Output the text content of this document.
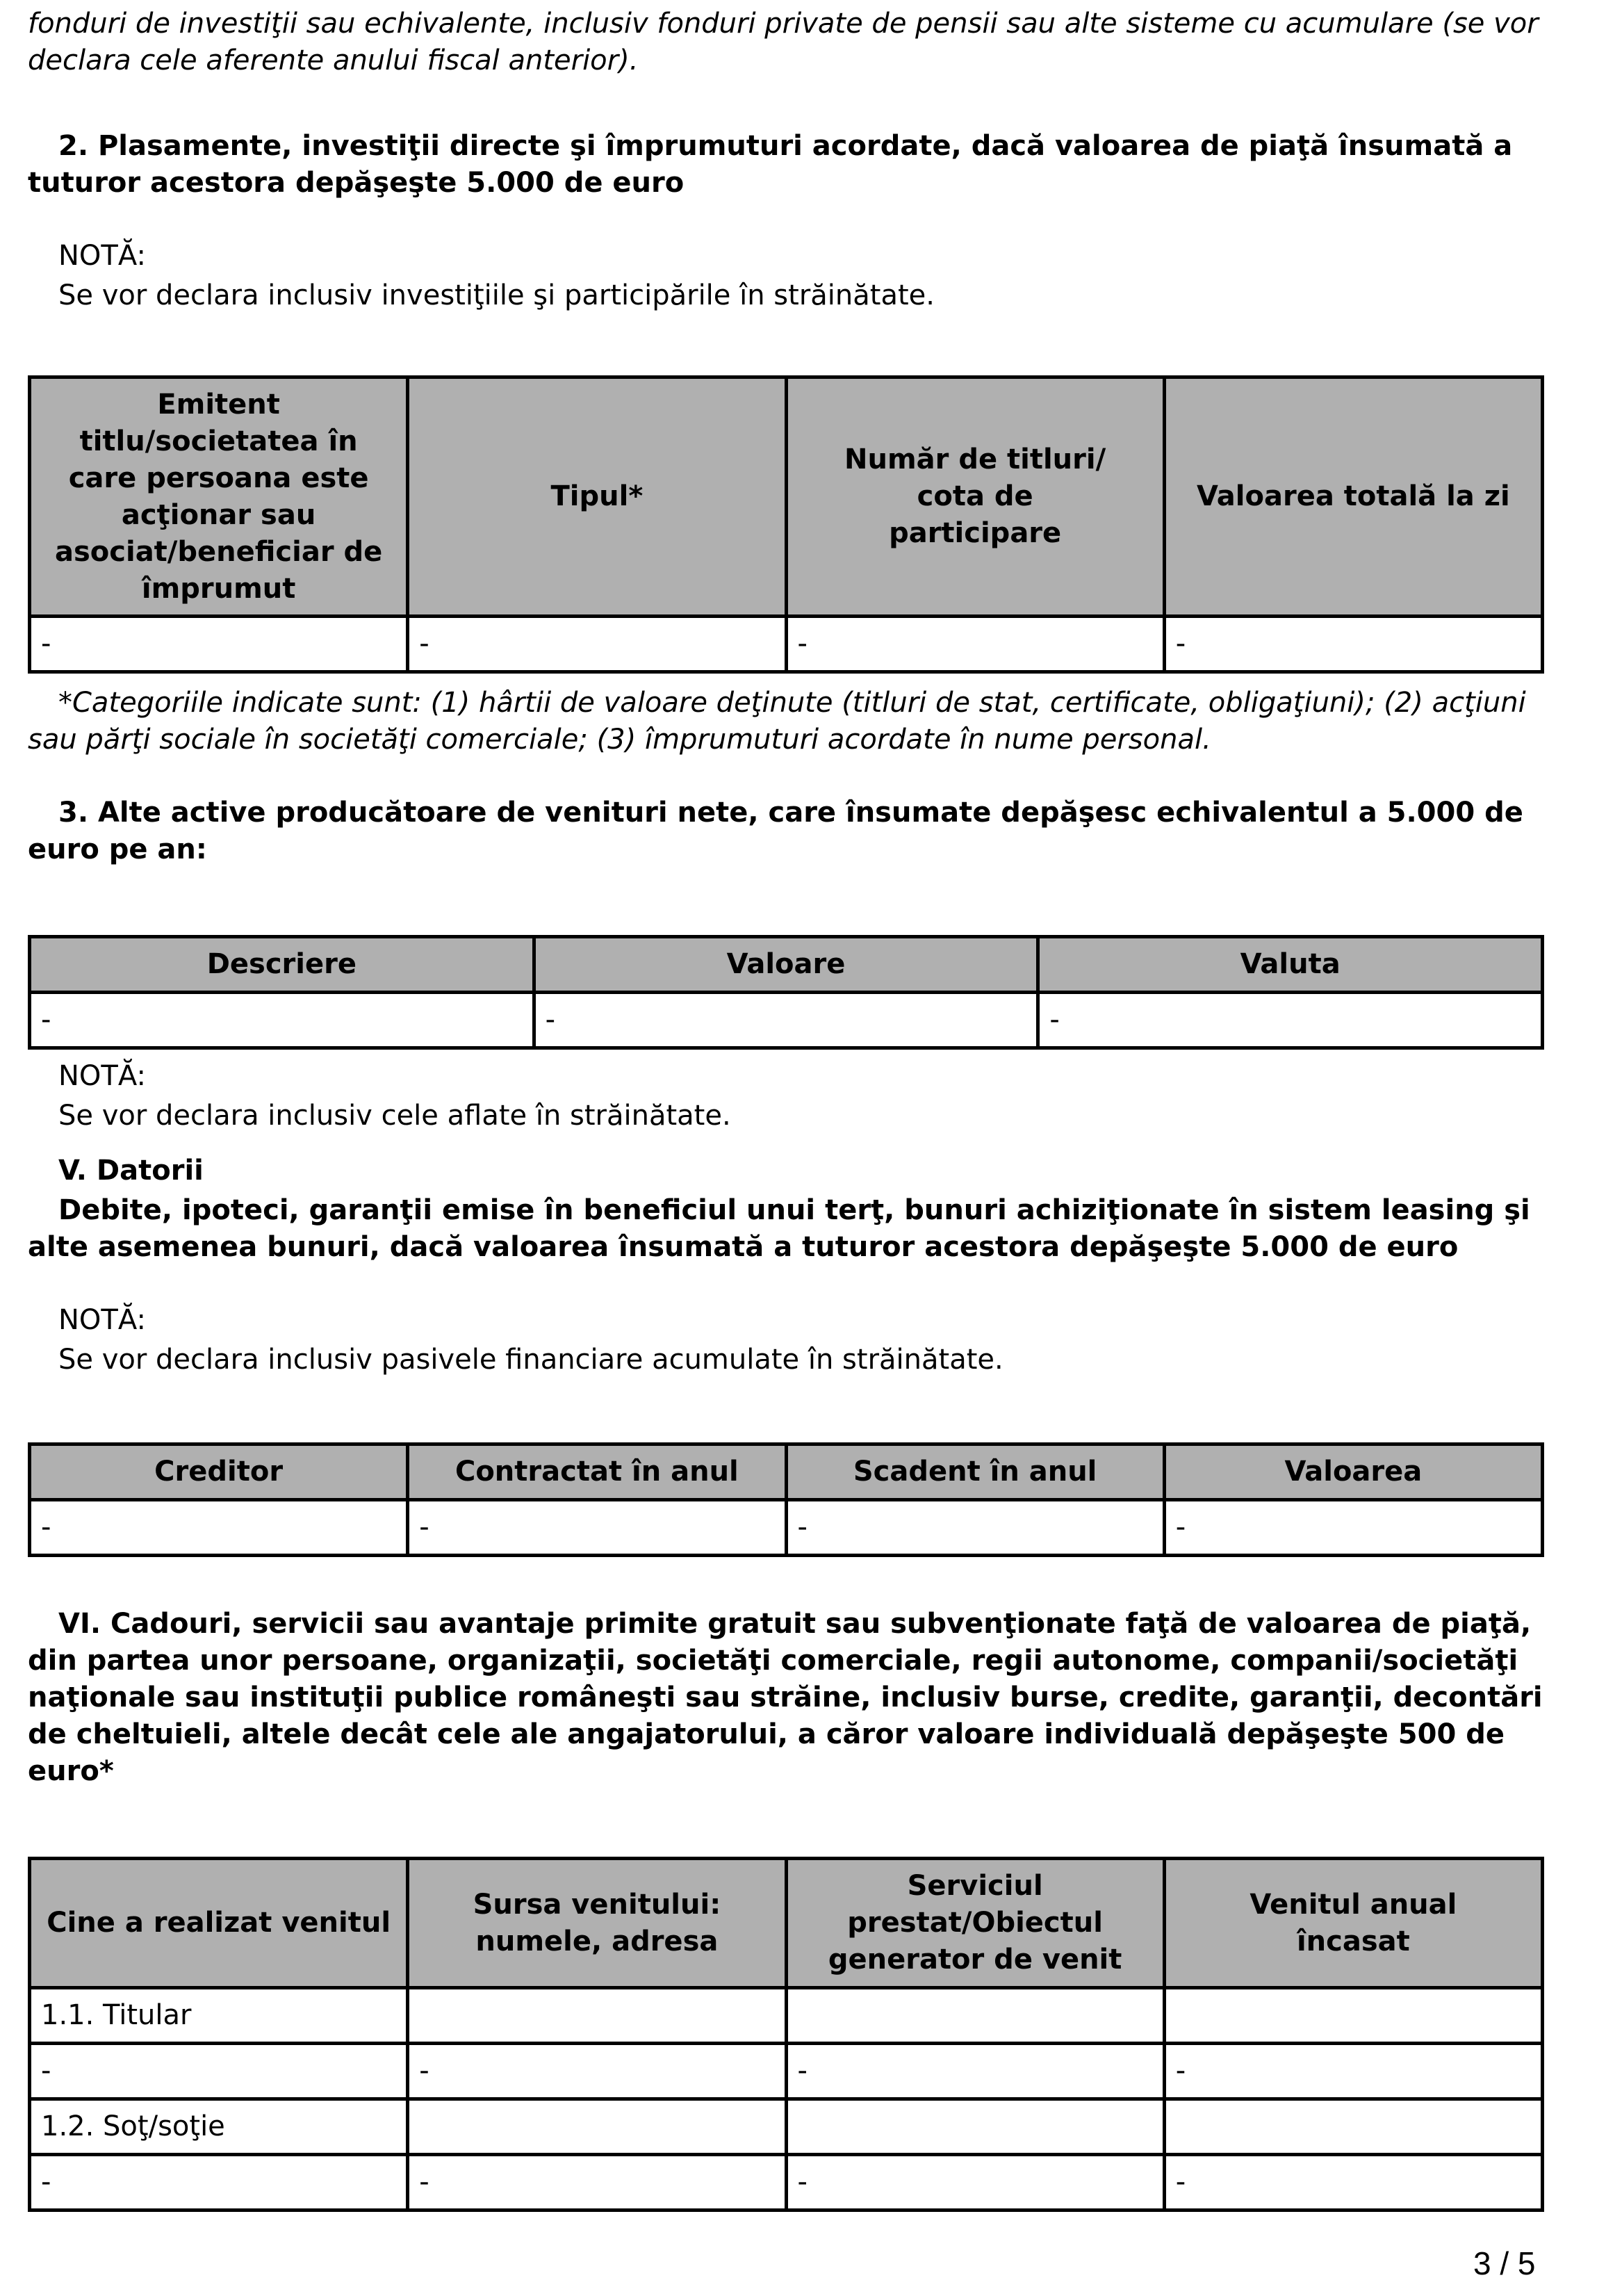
fonduri de investiţii sau echivalente, inclusiv fonduri private de pensii sau alte sisteme cu acumulare (se vor declara cele aferente anului fiscal anterior).

2. Plasamente, investiţii directe şi împrumuturi acordate, dacă valoarea de piaţă însumată a tuturor acestora depăşeşte 5.000 de euro

NOTĂ:

Se vor declara inclusiv investiţiile şi participările în străinătate.

Emitent titlu/societatea în care persoana este acţionar sau asociat/beneficiar de împrumut	Tipul*	Număr de titluri/ cota de participare	Valoarea totală la zi
-	-	-	-

*Categoriile indicate sunt: (1) hârtii de valoare deţinute (titluri de stat, certificate, obligaţiuni); (2) acţiuni sau părţi sociale în societăţi comerciale; (3) împrumuturi acordate în nume personal.

3. Alte active producătoare de venituri nete, care însumate depăşesc echivalentul a 5.000 de euro pe an:

Descriere	Valoare	Valuta
-	-	-

NOTĂ:

Se vor declara inclusiv cele aflate în străinătate.

V. Datorii

Debite, ipoteci, garanţii emise în beneficiul unui terţ, bunuri achiziţionate în sistem leasing şi alte asemenea bunuri, dacă valoarea însumată a tuturor acestora depăşeşte 5.000 de euro

NOTĂ:

Se vor declara inclusiv pasivele financiare acumulate în străinătate.

Creditor	Contractat în anul	Scadent în anul	Valoarea
-	-	-	-

VI. Cadouri, servicii sau avantaje primite gratuit sau subvenţionate faţă de valoarea de piaţă, din partea unor persoane, organizaţii, societăţi comerciale, regii autonome, companii/societăţi naţionale sau instituţii publice româneşti sau străine, inclusiv burse, credite, garanţii, decontări de cheltuieli, altele decât cele ale angajatorului, a căror valoare individuală depăşeşte 500 de euro*

Cine a realizat venitul	Sursa venitului: numele, adresa	Serviciul prestat/Obiectul generator de venit	Venitul anual încasat
1.1. Titular			
-	-	-	-
1.2. Soţ/soţie			
-	-	-	-
3 / 5
